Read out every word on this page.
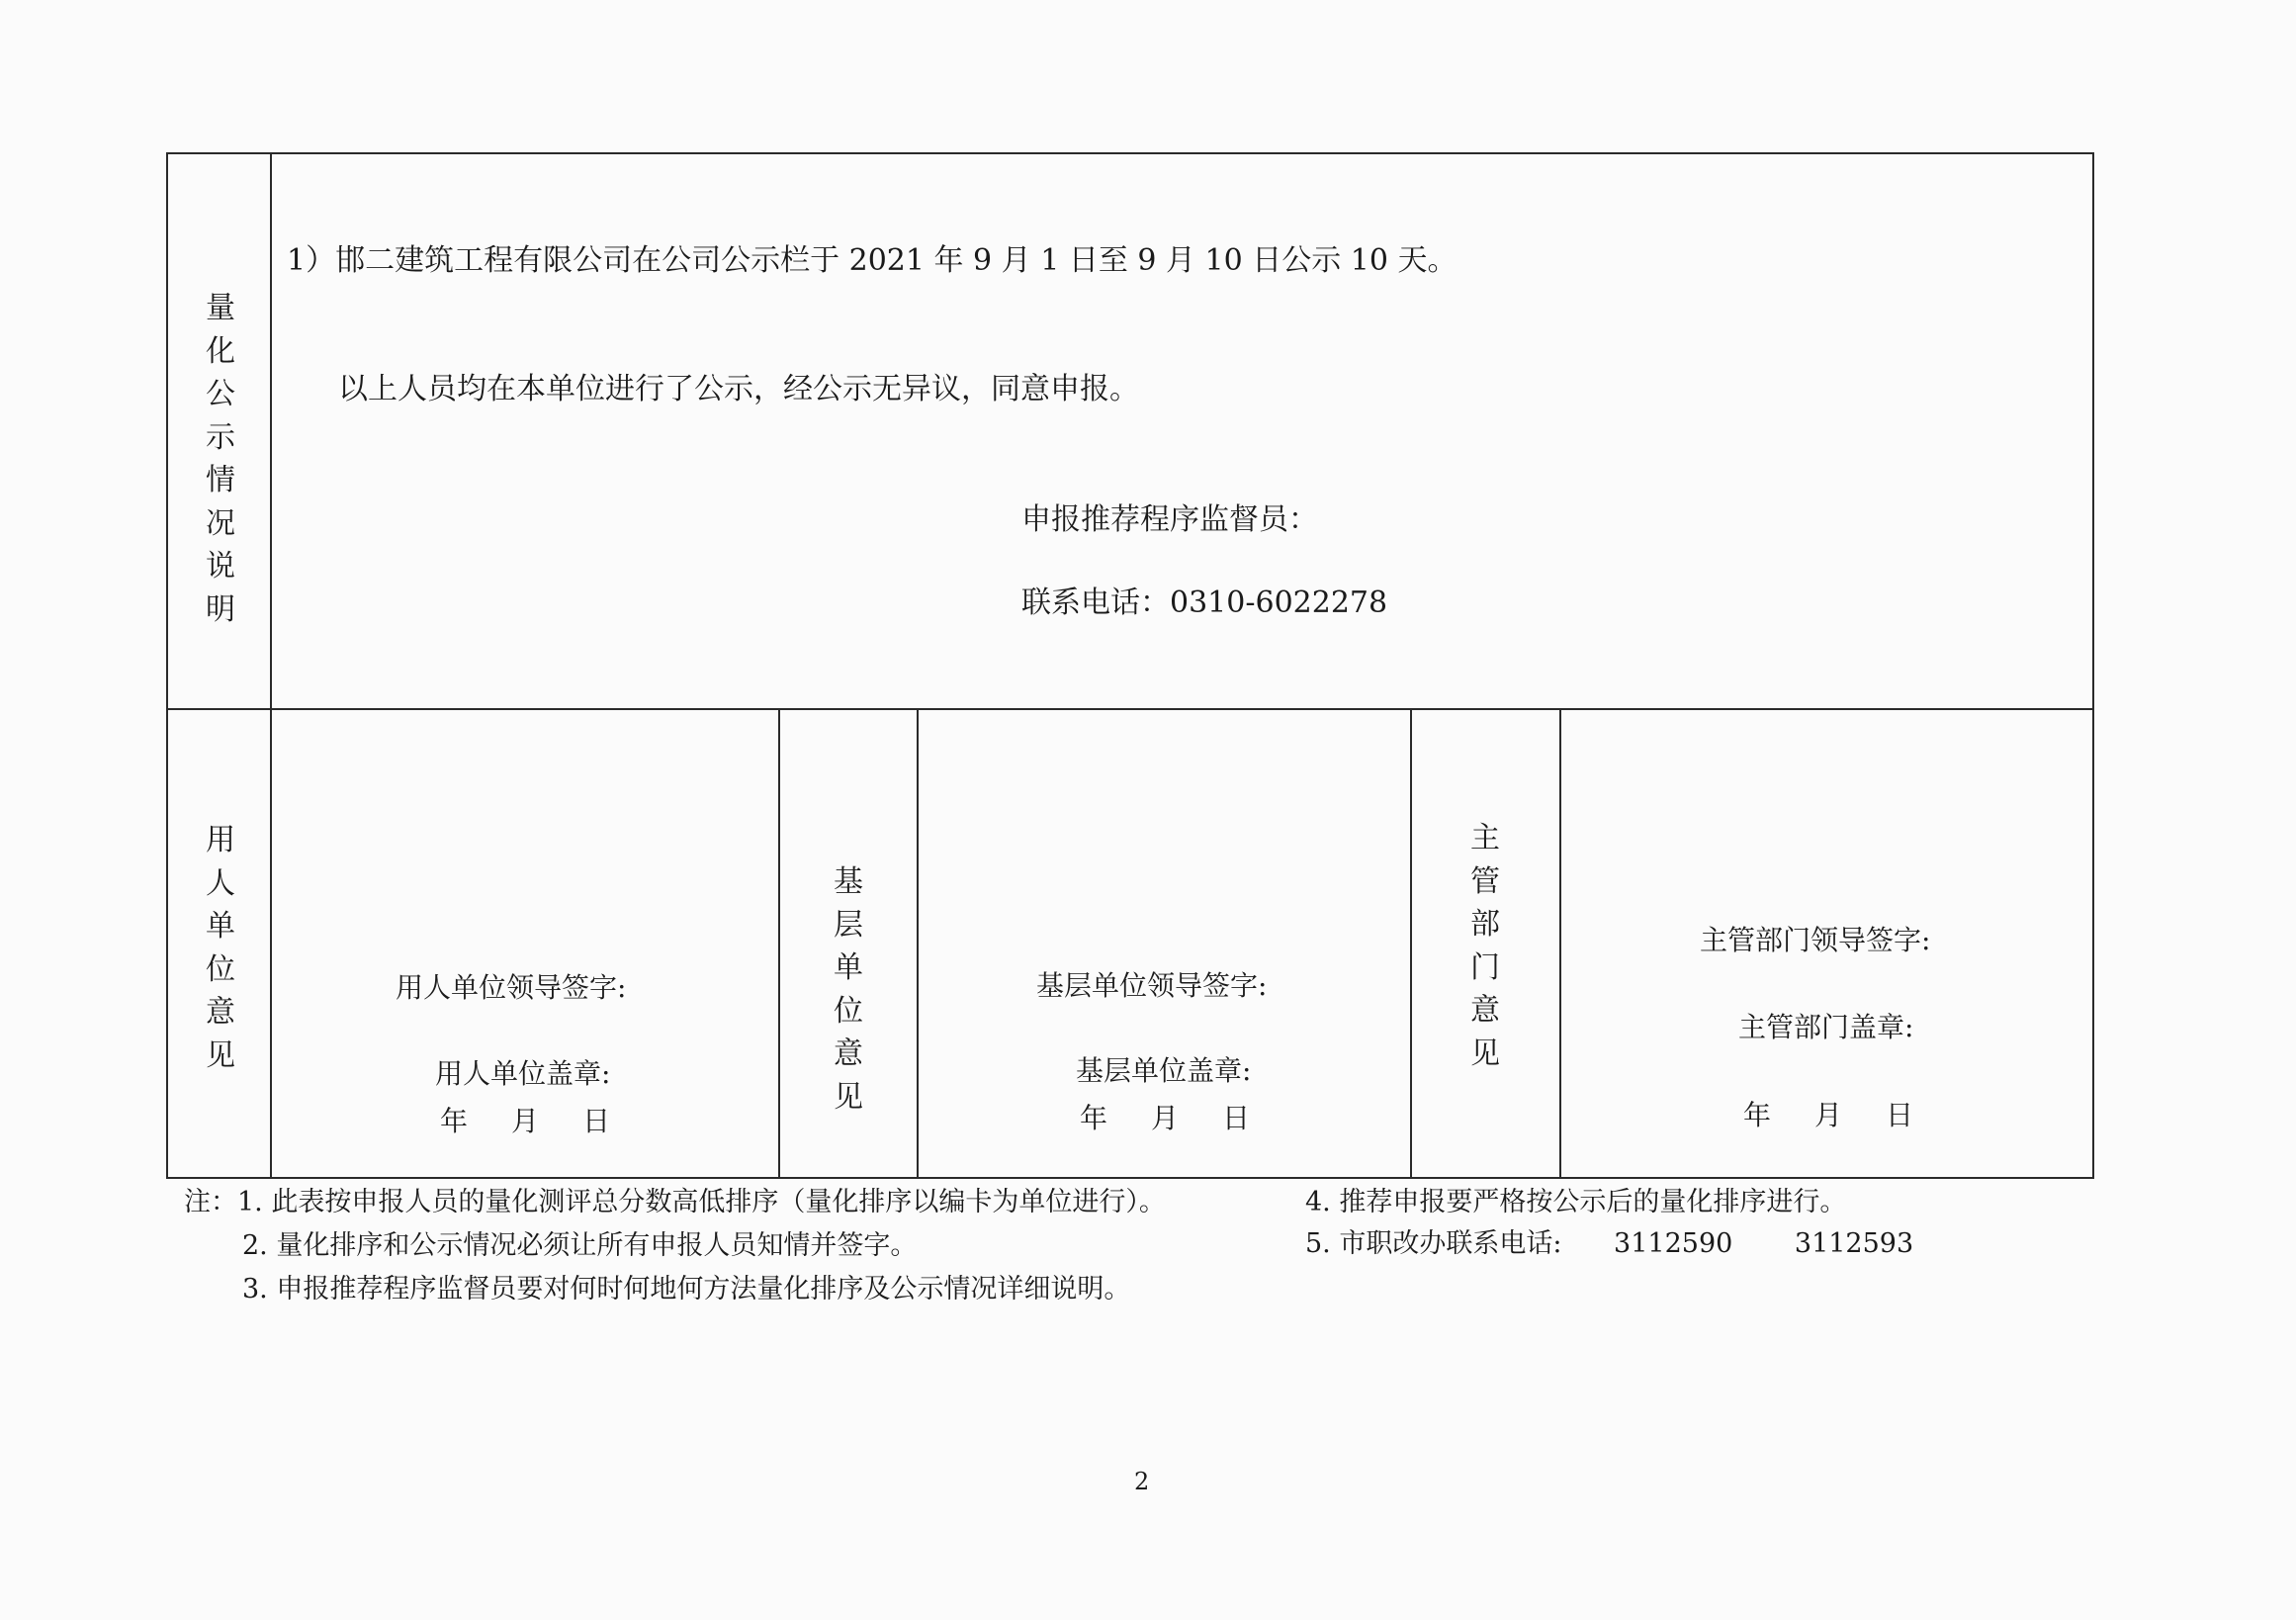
量
化
公
示
情
况
说
明
1）邯二建筑工程有限公司在公司公示栏于 2021 年 9 月 1 日至 9 月 10 日公示 10 天。
以上人员均在本单位进行了公示，经公示无异议，同意申报。
申报推荐程序监督员：
联系电话：0310-6022278
用
人
单
位
意
见
用人单位领导签字:
用人单位盖章:
年 月 日
基
层
单
位
意
见
基层单位领导签字:
基层单位盖章:
年 月 日
主
管
部
门
意
见
主管部门领导签字:
主管部门盖章:
年 月 日
注：1. 此表按申报人员的量化测评总分数高低排序（量化排序以编卡为单位进行）。
2. 量化排序和公示情况必须让所有申报人员知情并签字。
3. 申报推荐程序监督员要对何时何地何方法量化排序及公示情况详细说明。
4. 推荐申报要严格按公示后的量化排序进行。
5. 市职改办联系电话: 3112590 3112593
2
